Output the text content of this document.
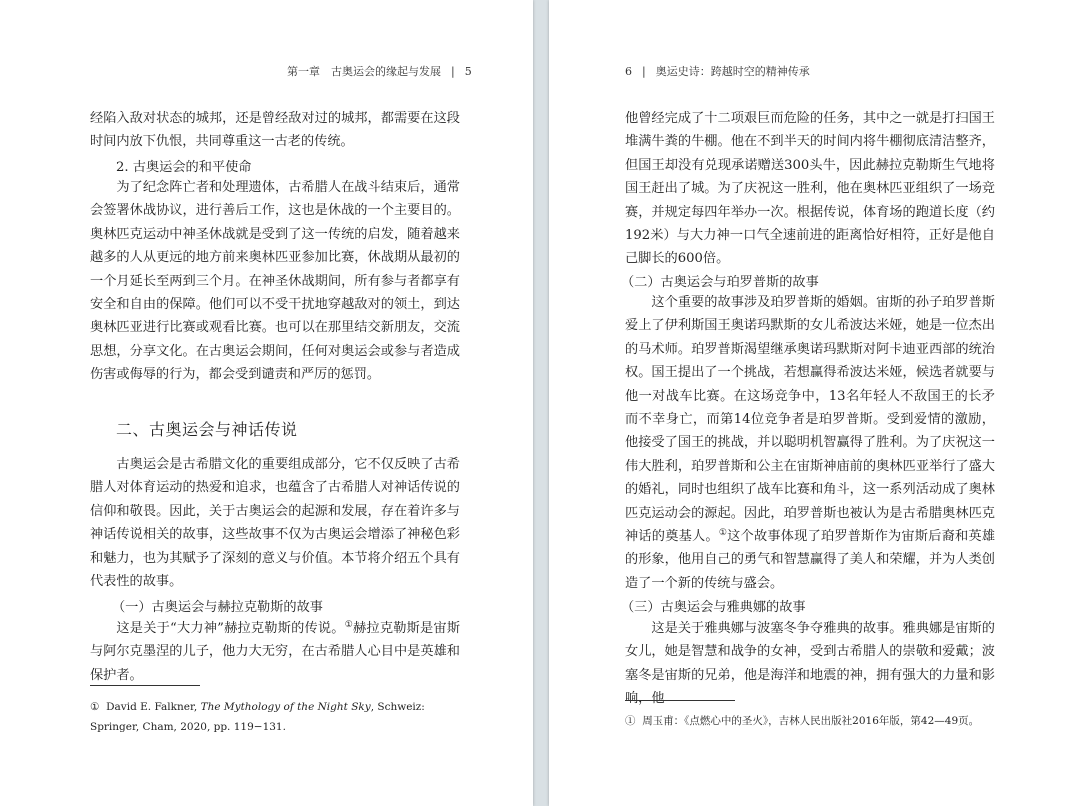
第一章　古奥运会的缘起与发展 | 5
经陷入敌对状态的城邦，还是曾经敌对过的城邦，都需要在这段时间内放下仇恨，共同尊重这一古老的传统。
2. 古奥运会的和平使命
为了纪念阵亡者和处理遗体，古希腊人在战斗结束后，通常会签署休战协议，进行善后工作，这也是休战的一个主要目的。奥林匹克运动中神圣休战就是受到了这一传统的启发，随着越来越多的人从更远的地方前来奥林匹亚参加比赛，休战期从最初的一个月延长至两到三个月。在神圣休战期间，所有参与者都享有安全和自由的保障。他们可以不受干扰地穿越敌对的领土，到达奥林匹亚进行比赛或观看比赛。也可以在那里结交新朋友，交流思想，分享文化。在古奥运会期间，任何对奥运会或参与者造成伤害或侮辱的行为，都会受到谴责和严厉的惩罚。
二、古奥运会与神话传说
古奥运会是古希腊文化的重要组成部分，它不仅反映了古希腊人对体育运动的热爱和追求，也蕴含了古希腊人对神话传说的信仰和敬畏。因此，关于古奥运会的起源和发展，存在着许多与神话传说相关的故事，这些故事不仅为古奥运会增添了神秘色彩和魅力，也为其赋予了深刻的意义与价值。本节将介绍五个具有代表性的故事。
（一）古奥运会与赫拉克勒斯的故事
这是关于“大力神”赫拉克勒斯的传说。①赫拉克勒斯是宙斯与阿尔克墨涅的儿子，他力大无穷，在古希腊人心目中是英雄和保护者。
① David E. Falkner, The Mythology of the Night Sky, Schweiz: Springer, Cham, 2020, pp. 119−131.
6 | 奥运史诗：跨越时空的精神传承
他曾经完成了十二项艰巨而危险的任务，其中之一就是打扫国王堆满牛粪的牛棚。他在不到半天的时间内将牛棚彻底清洁整齐，但国王却没有兑现承诺赠送300头牛，因此赫拉克勒斯生气地将国王赶出了城。为了庆祝这一胜利，他在奥林匹亚组织了一场竞赛，并规定每四年举办一次。根据传说，体育场的跑道长度（约192米）与大力神一口气全速前进的距离恰好相符，正好是他自己脚长的600倍。
（二）古奥运会与珀罗普斯的故事
这个重要的故事涉及珀罗普斯的婚姻。宙斯的孙子珀罗普斯爱上了伊利斯国王奥诺玛默斯的女儿希波达米娅，她是一位杰出的马术师。珀罗普斯渴望继承奥诺玛默斯对阿卡迪亚西部的统治权。国王提出了一个挑战，若想赢得希波达米娅，候选者就要与他一对战车比赛。在这场竞争中，13名年轻人不敌国王的长矛而不幸身亡，而第14位竞争者是珀罗普斯。受到爱情的激励，他接受了国王的挑战，并以聪明机智赢得了胜利。为了庆祝这一伟大胜利，珀罗普斯和公主在宙斯神庙前的奥林匹亚举行了盛大的婚礼，同时也组织了战车比赛和角斗，这一系列活动成了奥林匹克运动会的源起。因此，珀罗普斯也被认为是古希腊奥林匹克神话的奠基人。①这个故事体现了珀罗普斯作为宙斯后裔和英雄的形象，他用自己的勇气和智慧赢得了美人和荣耀，并为人类创造了一个新的传统与盛会。
（三）古奥运会与雅典娜的故事
这是关于雅典娜与波塞冬争夺雅典的故事。雅典娜是宙斯的女儿，她是智慧和战争的女神，受到古希腊人的崇敬和爱戴；波塞冬是宙斯的兄弟，他是海洋和地震的神，拥有强大的力量和影响，他
① 周玉甫：《点燃心中的圣火》，吉林人民出版社2016年版，第42—49页。
